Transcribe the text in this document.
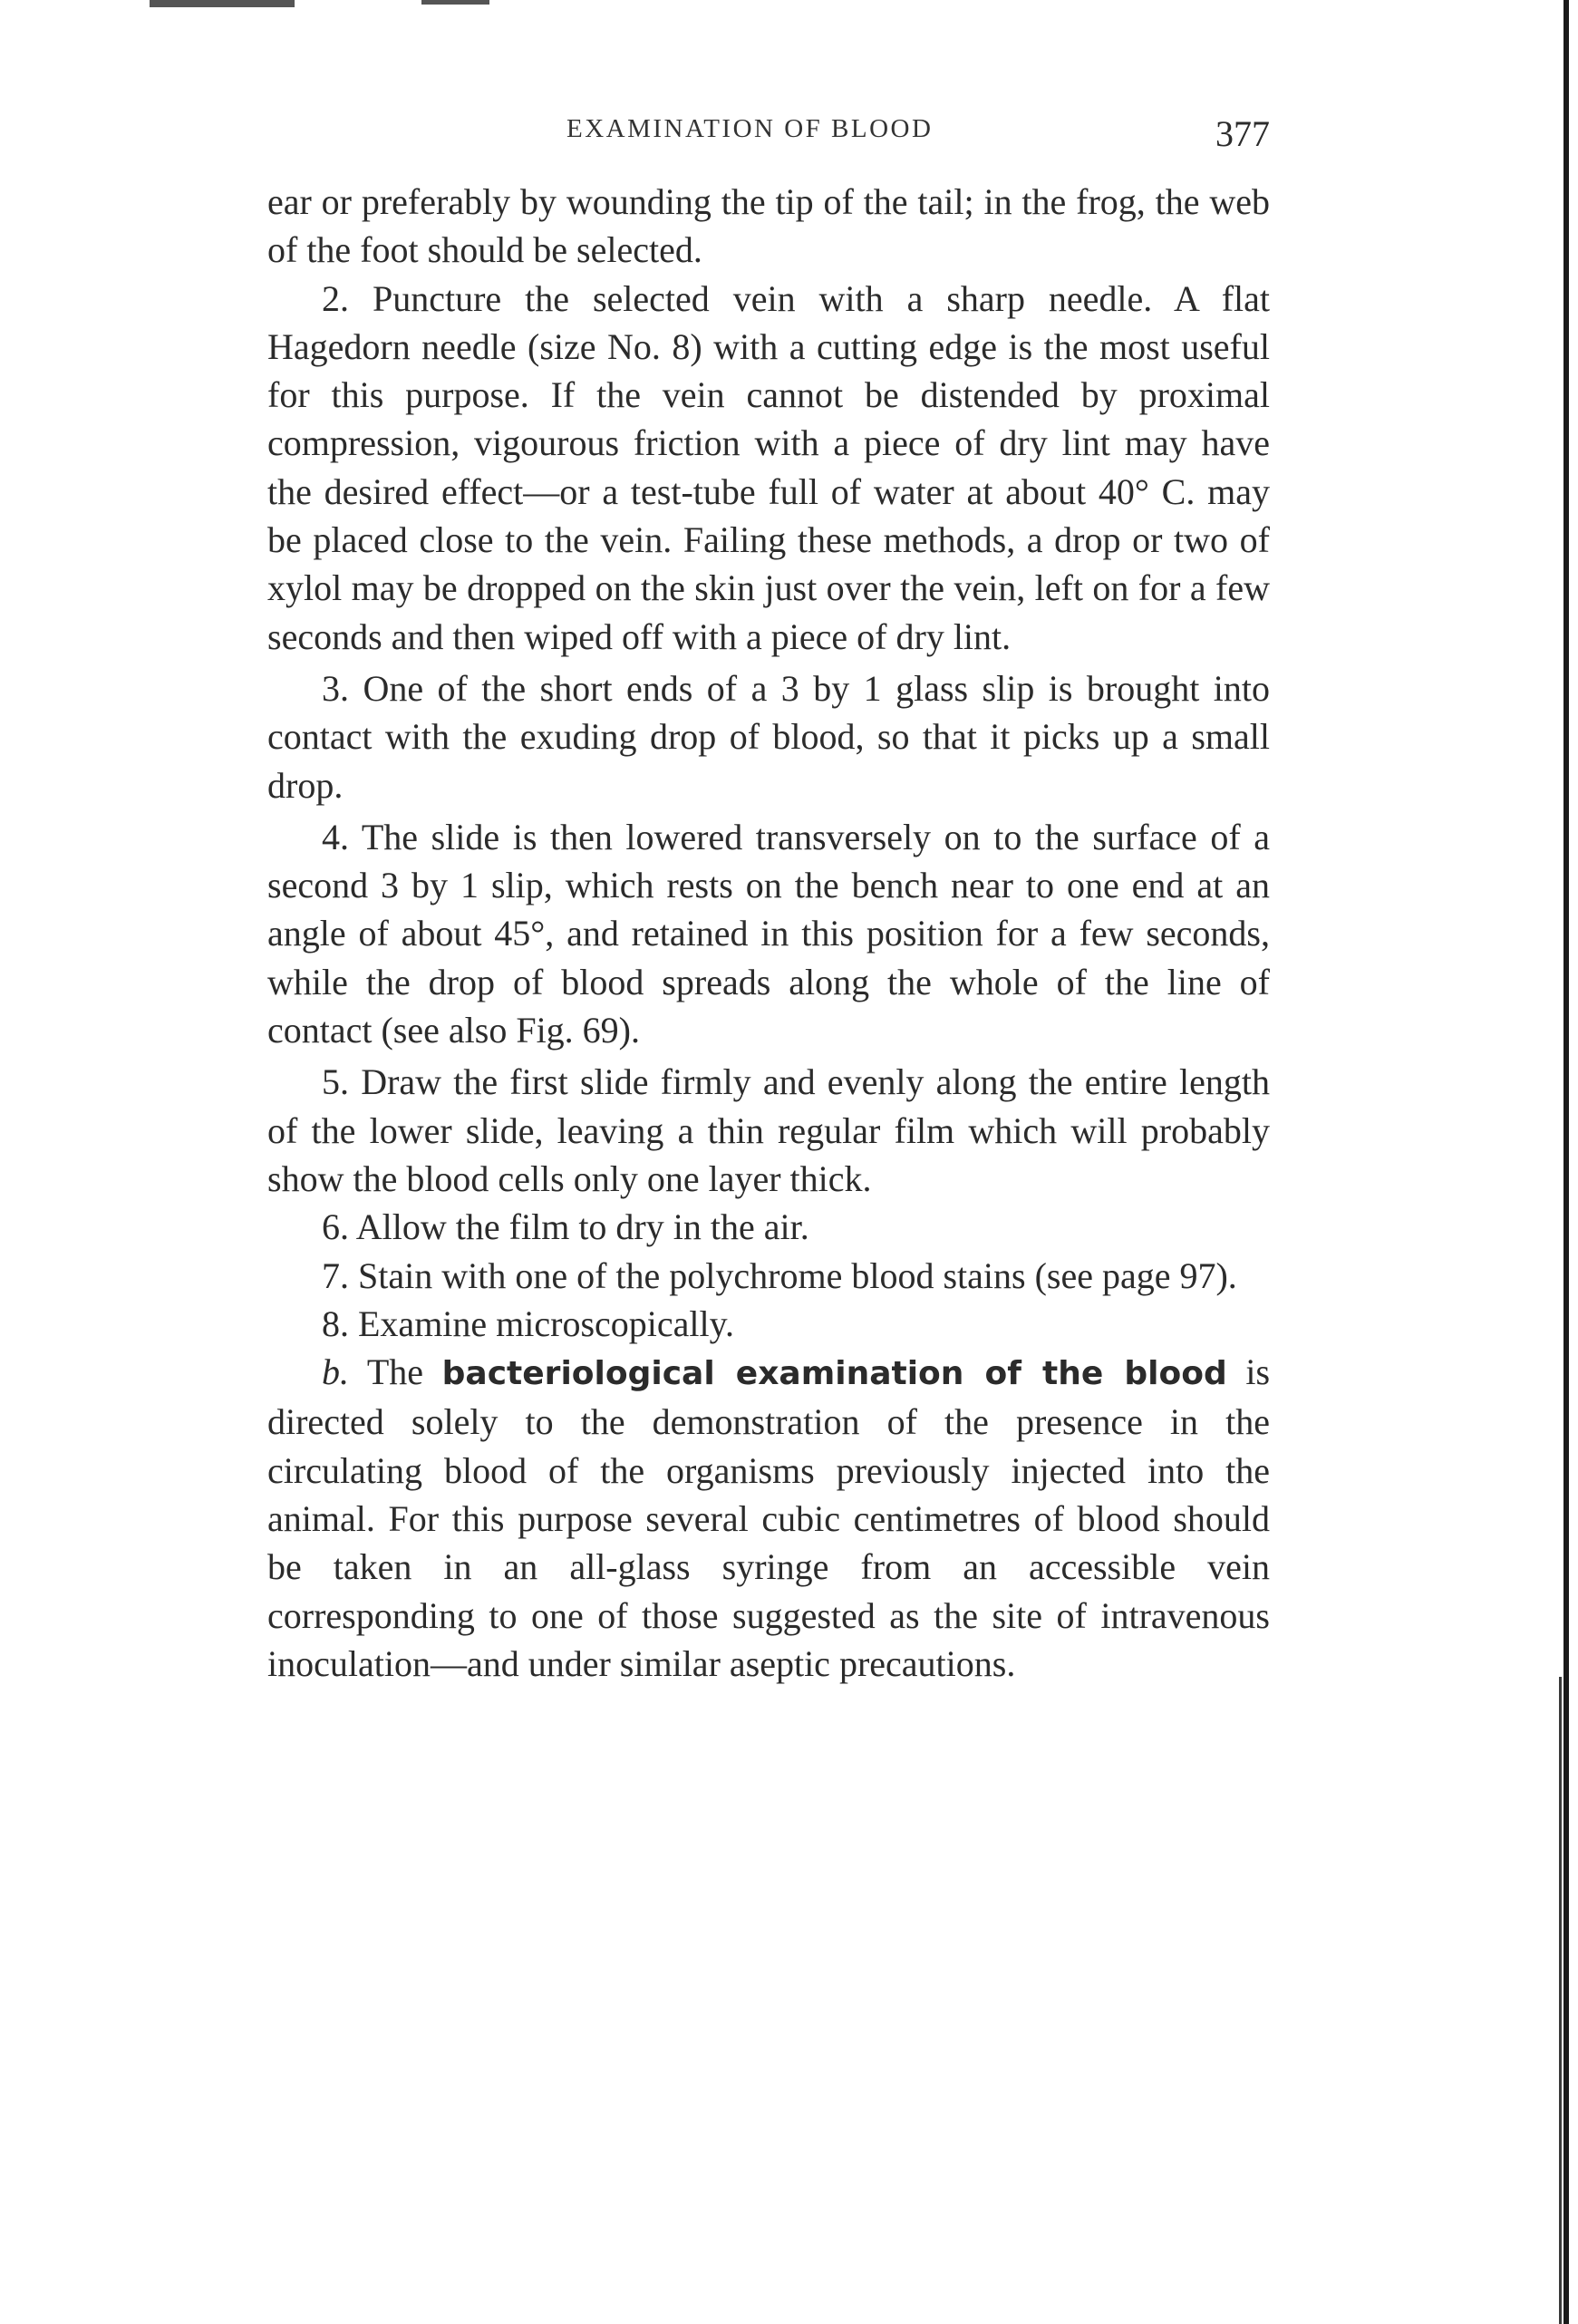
EXAMINATION OF BLOOD	377

ear or preferably by wounding the tip of the tail; in the frog, the web of the foot should be selected.

2. Puncture the selected vein with a sharp needle. A flat Hagedorn needle (size No. 8) with a cutting edge is the most useful for this purpose. If the vein cannot be distended by proximal compression, vigourous friction with a piece of dry lint may have the desired effect—or a test-tube full of water at about 40° C. may be placed close to the vein. Failing these methods, a drop or two of xylol may be dropped on the skin just over the vein, left on for a few seconds and then wiped off with a piece of dry lint.

3. One of the short ends of a 3 by 1 glass slip is brought into contact with the exuding drop of blood, so that it picks up a small drop.

4. The slide is then lowered transversely on to the surface of a second 3 by 1 slip, which rests on the bench near to one end at an angle of about 45°, and retained in this position for a few seconds, while the drop of blood spreads along the whole of the line of contact (see also Fig. 69).

5. Draw the first slide firmly and evenly along the entire length of the lower slide, leaving a thin regular film which will probably show the blood cells only one layer thick.

6. Allow the film to dry in the air.

7. Stain with one of the polychrome blood stains (see page 97).

8. Examine microscopically.

b. The bacteriological examination of the blood is directed solely to the demonstration of the presence in the circulating blood of the organisms previously injected into the animal. For this purpose several cubic centimetres of blood should be taken in an all-glass syringe from an accessible vein corresponding to one of those suggested as the site of intravenous inoculation—and under similar aseptic precautions.
